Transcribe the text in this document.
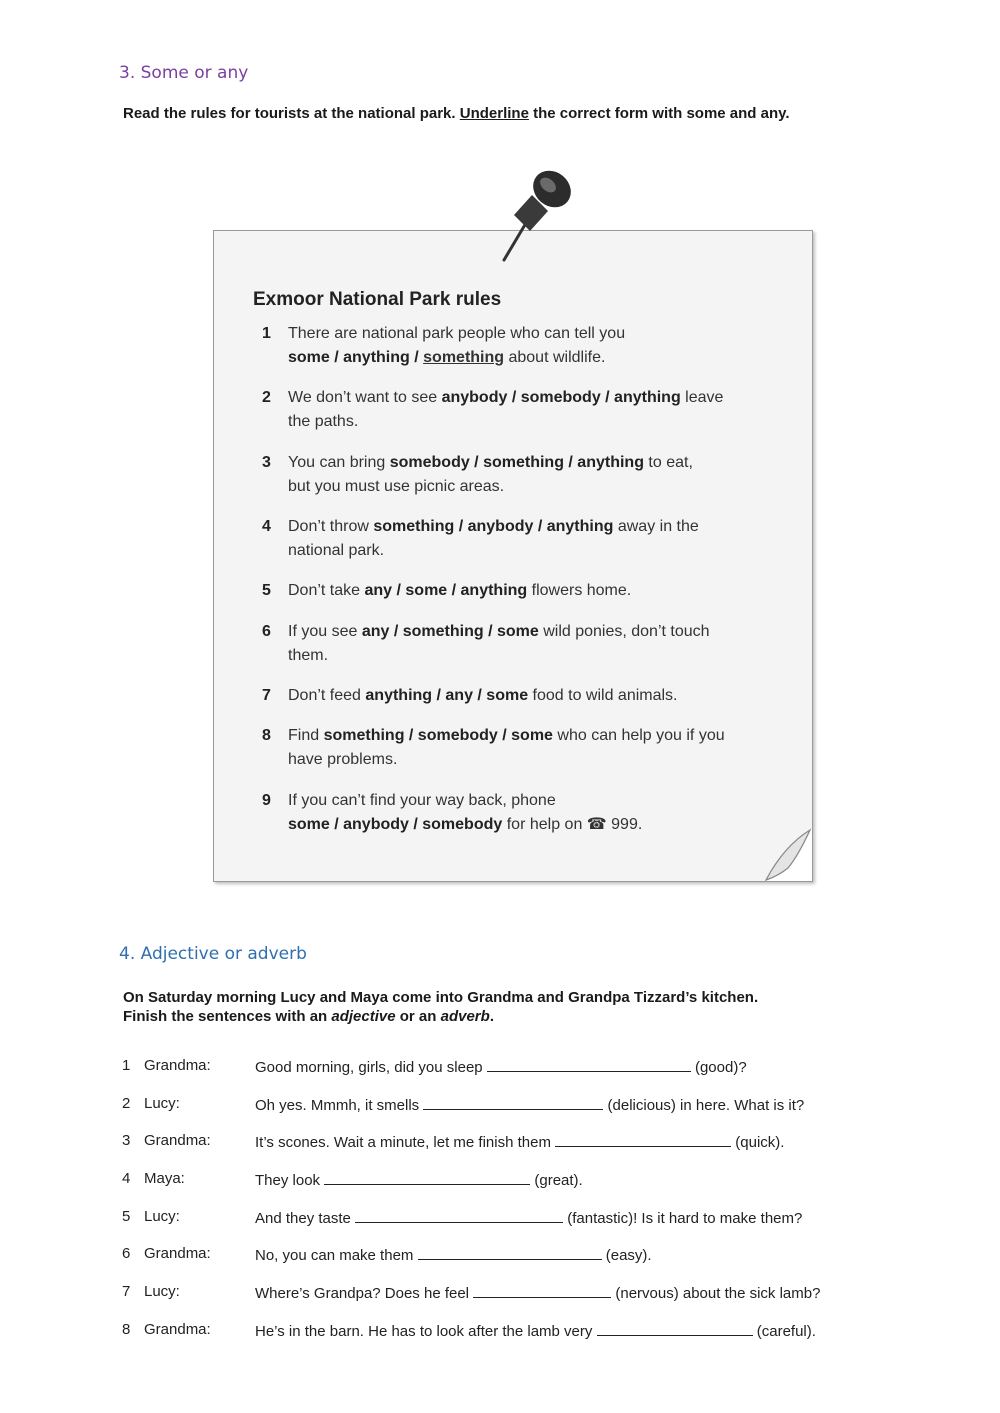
3. Some or any
Read the rules for tourists at the national park. Underline the correct form with some and any.
Exmoor National Park rules
1 There are national park people who can tell you
some / anything / something about wildlife.
2 We don’t want to see anybody / somebody / anything leave
the paths.
3 You can bring somebody / something / anything to eat,
but you must use picnic areas.
4 Don’t throw something / anybody / anything away in the
national park.
5 Don’t take any / some / anything flowers home.
6 If you see any / something / some wild ponies, don’t touch
them.
7 Don’t feed anything / any / some food to wild animals.
8 Find something / somebody / some who can help you if you
have problems.
9 If you can’t find your way back, phone
some / anybody / somebody for help on ☎ 999.
4. Adjective or adverb
On Saturday morning Lucy and Maya come into Grandma and Grandpa Tizzard’s kitchen.
Finish the sentences with an adjective or an adverb.
1 Grandma:	Good morning, girls, did you sleep	(good)?
2 Lucy:	Oh yes. Mmmh, it smells	(delicious) in here. What is it?
3 Grandma:	It’s scones. Wait a minute, let me finish them	(quick).
4 Maya:	They look	(great).
5 Lucy:	And they taste	(fantastic)! Is it hard to make them?
6 Grandma:	No, you can make them	(easy).
7 Lucy:	Where’s Grandpa? Does he feel	(nervous) about the sick lamb?
8 Grandma:	He’s in the barn. He has to look after the lamb very	(careful).
